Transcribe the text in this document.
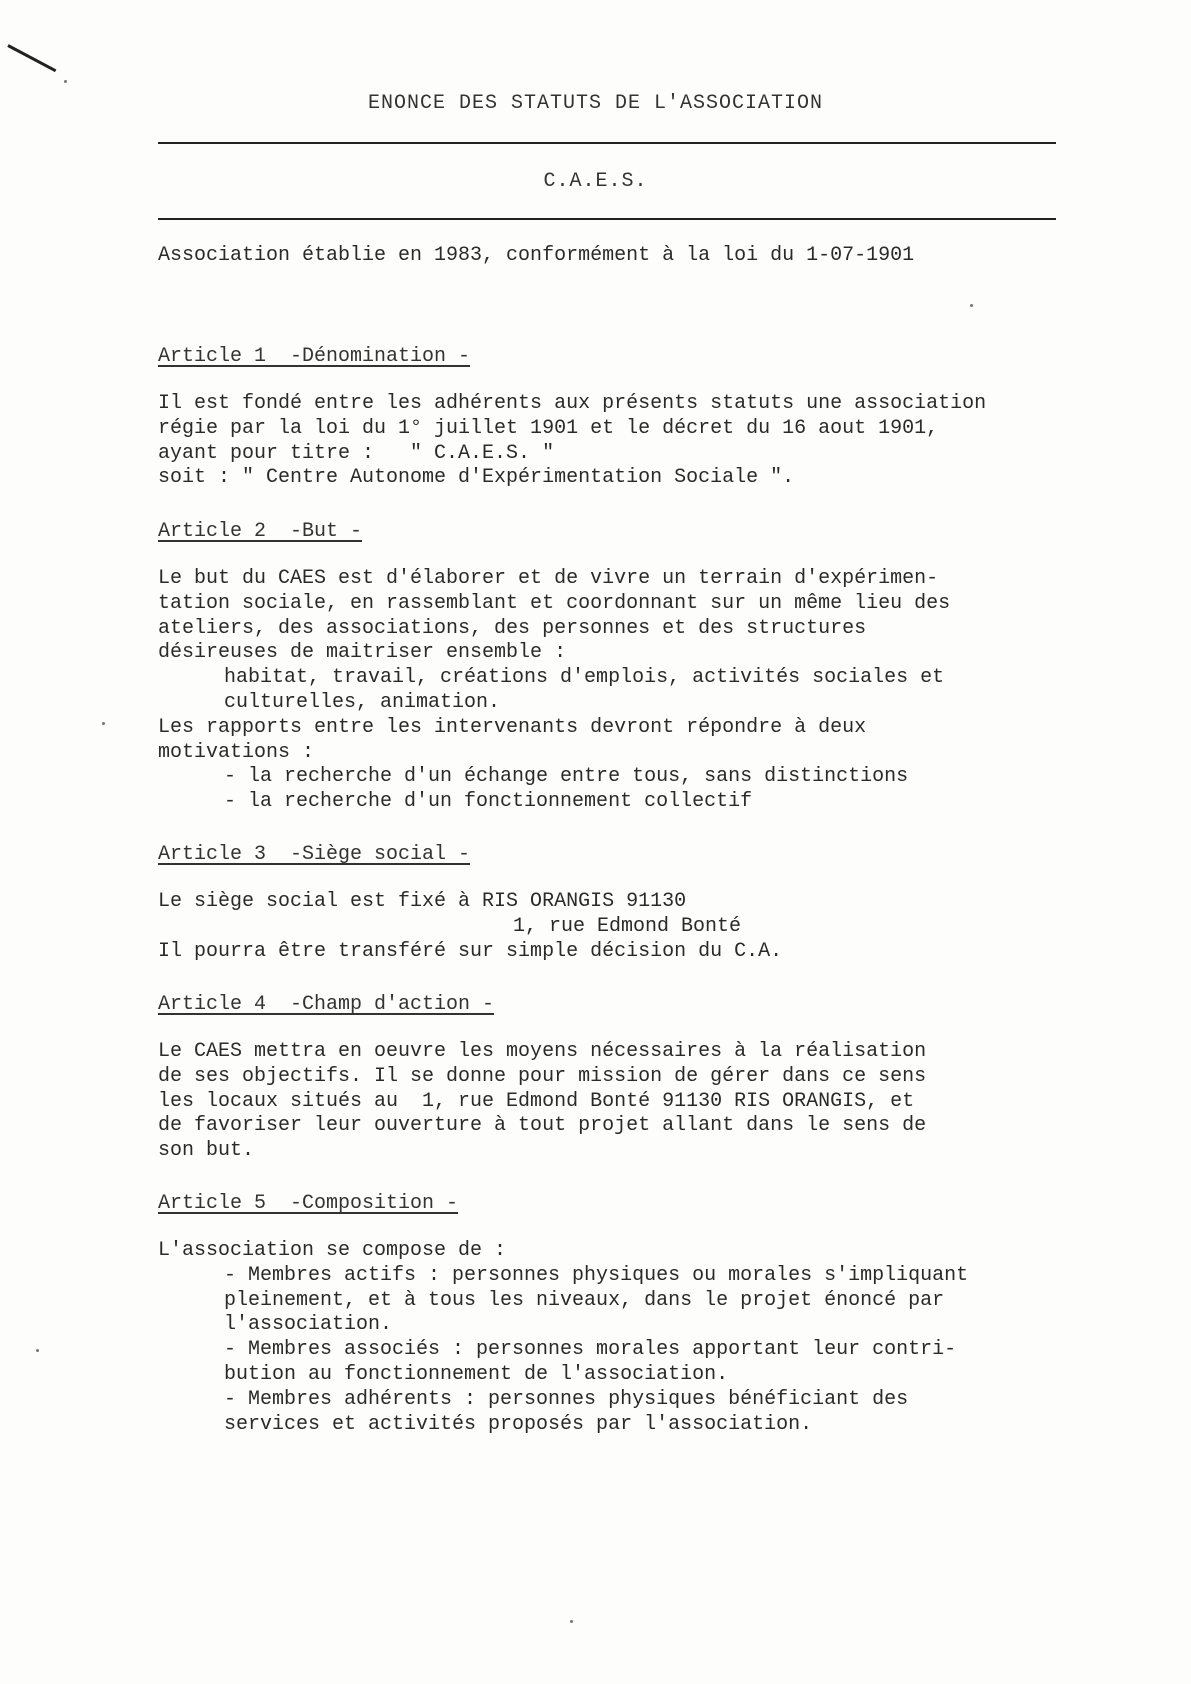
ENONCE DES STATUTS DE L'ASSOCIATION
C.A.E.S.
Association établie en 1983, conformément à la loi du 1-07-1901

Article 1  -Dénomination -

Il est fondé entre les adhérents aux présents statuts une association

régie par la loi du 1° juillet 1901 et le décret du 16 aout 1901,

ayant pour titre :   " C.A.E.S. "

soit : " Centre Autonome d'Expérimentation Sociale ".

Article 2  -But -

Le but du CAES est d'élaborer et de vivre un terrain d'expérimen-

tation sociale, en rassemblant et coordonnant sur un même lieu des

ateliers, des associations, des personnes et des structures

désireuses de maitriser ensemble :

habitat, travail, créations d'emplois, activités sociales et

culturelles, animation.

Les rapports entre les intervenants devront répondre à deux

motivations :

- la recherche d'un échange entre tous, sans distinctions

- la recherche d'un fonctionnement collectif

Article 3  -Siège social -

Le siège social est fixé à RIS ORANGIS 91130

1, rue Edmond Bonté

Il pourra être transféré sur simple décision du C.A.

Article 4  -Champ d'action -

Le CAES mettra en oeuvre les moyens nécessaires à la réalisation

de ses objectifs. Il se donne pour mission de gérer dans ce sens

les locaux situés au  1, rue Edmond Bonté 91130 RIS ORANGIS, et

de favoriser leur ouverture à tout projet allant dans le sens de

son but.

Article 5  -Composition -

L'association se compose de :

- Membres actifs : personnes physiques ou morales s'impliquant

pleinement, et à tous les niveaux, dans le projet énoncé par

l'association.

- Membres associés : personnes morales apportant leur contri-

bution au fonctionnement de l'association.

- Membres adhérents : personnes physiques bénéficiant des

services et activités proposés par l'association.
